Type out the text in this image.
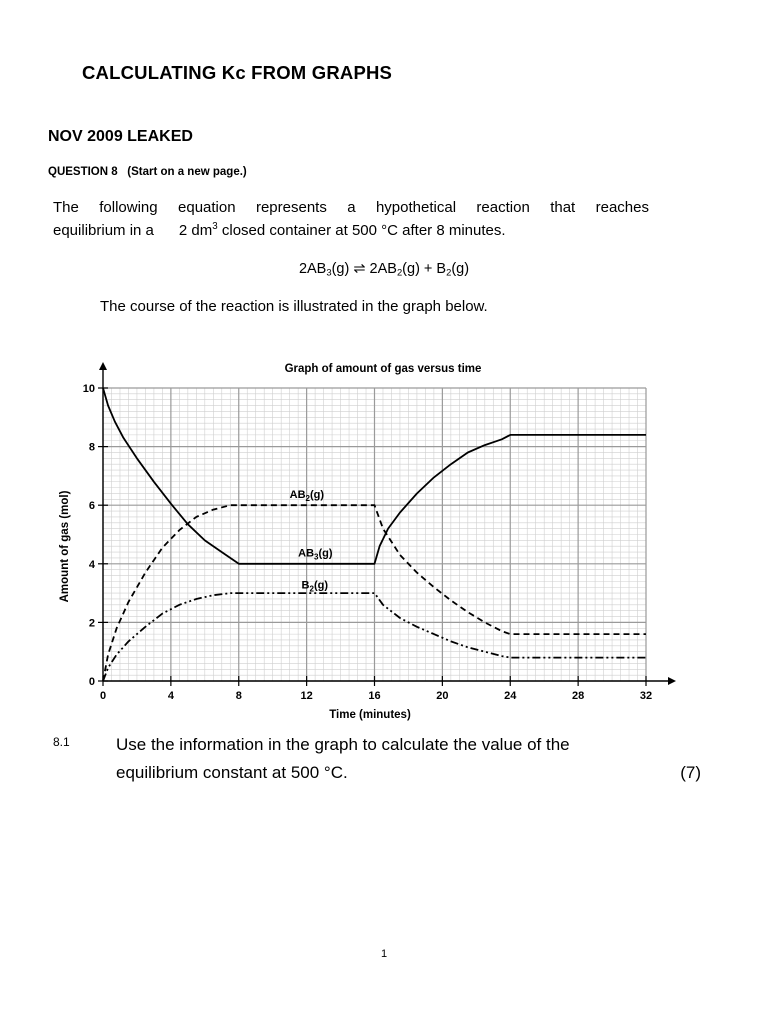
CALCULATING Kc FROM GRAPHS
NOV 2009 LEAKED
QUESTION 8 (Start on a new page.)
The following equation represents a hypothetical reaction that reaches
equilibrium in a 2 $dm^3$ closed container at 500 °C after 8 minutes.
$2AB_3(g)$ ⇌ $2AB_2(g) + B_2(g)$
The course of the reaction is illustrated in the graph below.
0	4	8	12	16	20	24	28	32
0
2
4
6
8
10
Graph of amount of gas versus time
Time (minutes)
Amount of gas (mol)	$AB_3(g)$
$AB_2(g)$
$B_2(g)$
8.1	Use the information in the graph to calculate the value of the
equilibrium constant at 500 °C.	(7)
1
